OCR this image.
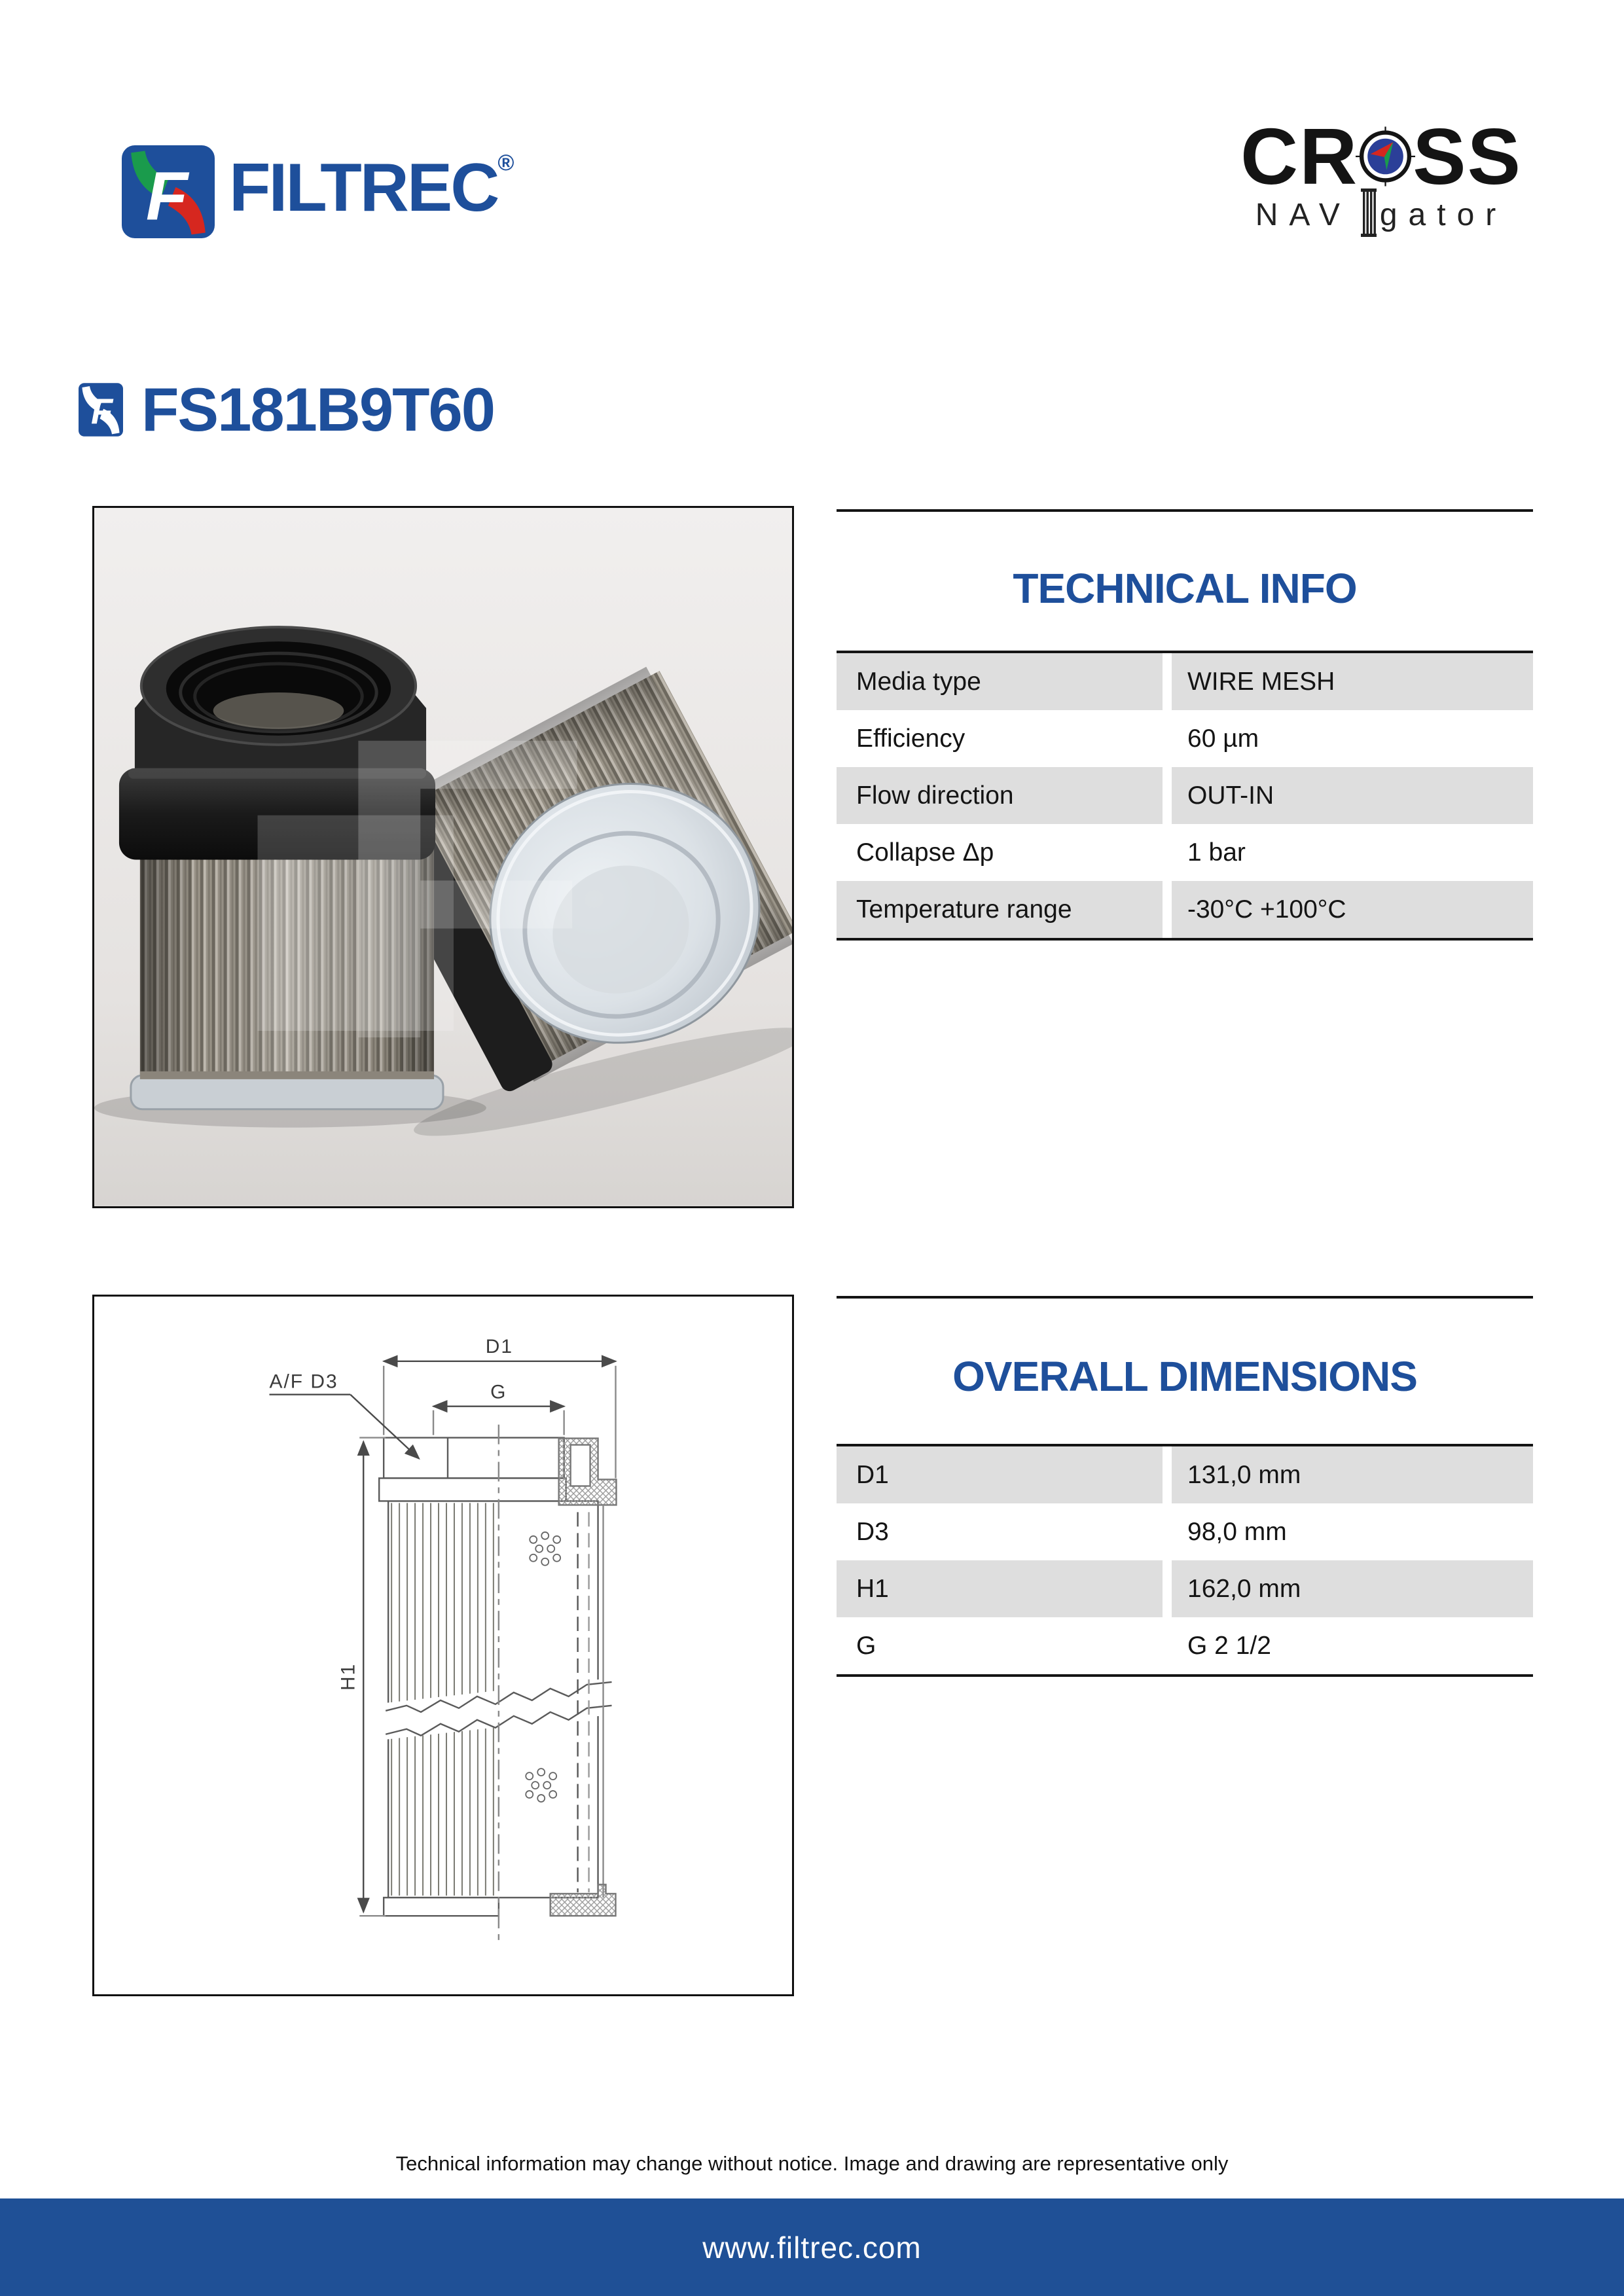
F FILTREC®	CR SS
NAV gator
F FS181B9T60
F
TECHNICAL INFO
Media type	WIRE MESH
Efficiency	60 µm
Flow direction	OUT-IN
Collapse Δp	1 bar
Temperature range	-30°C +100°C
D1
G
A/F D3
H1
OVERALL DIMENSIONS
D1	131,0 mm
D3	98,0 mm
H1	162,0 mm
G	G 2 1/2
Technical information may change without notice. Image and drawing are representative only
www.filtrec.com
